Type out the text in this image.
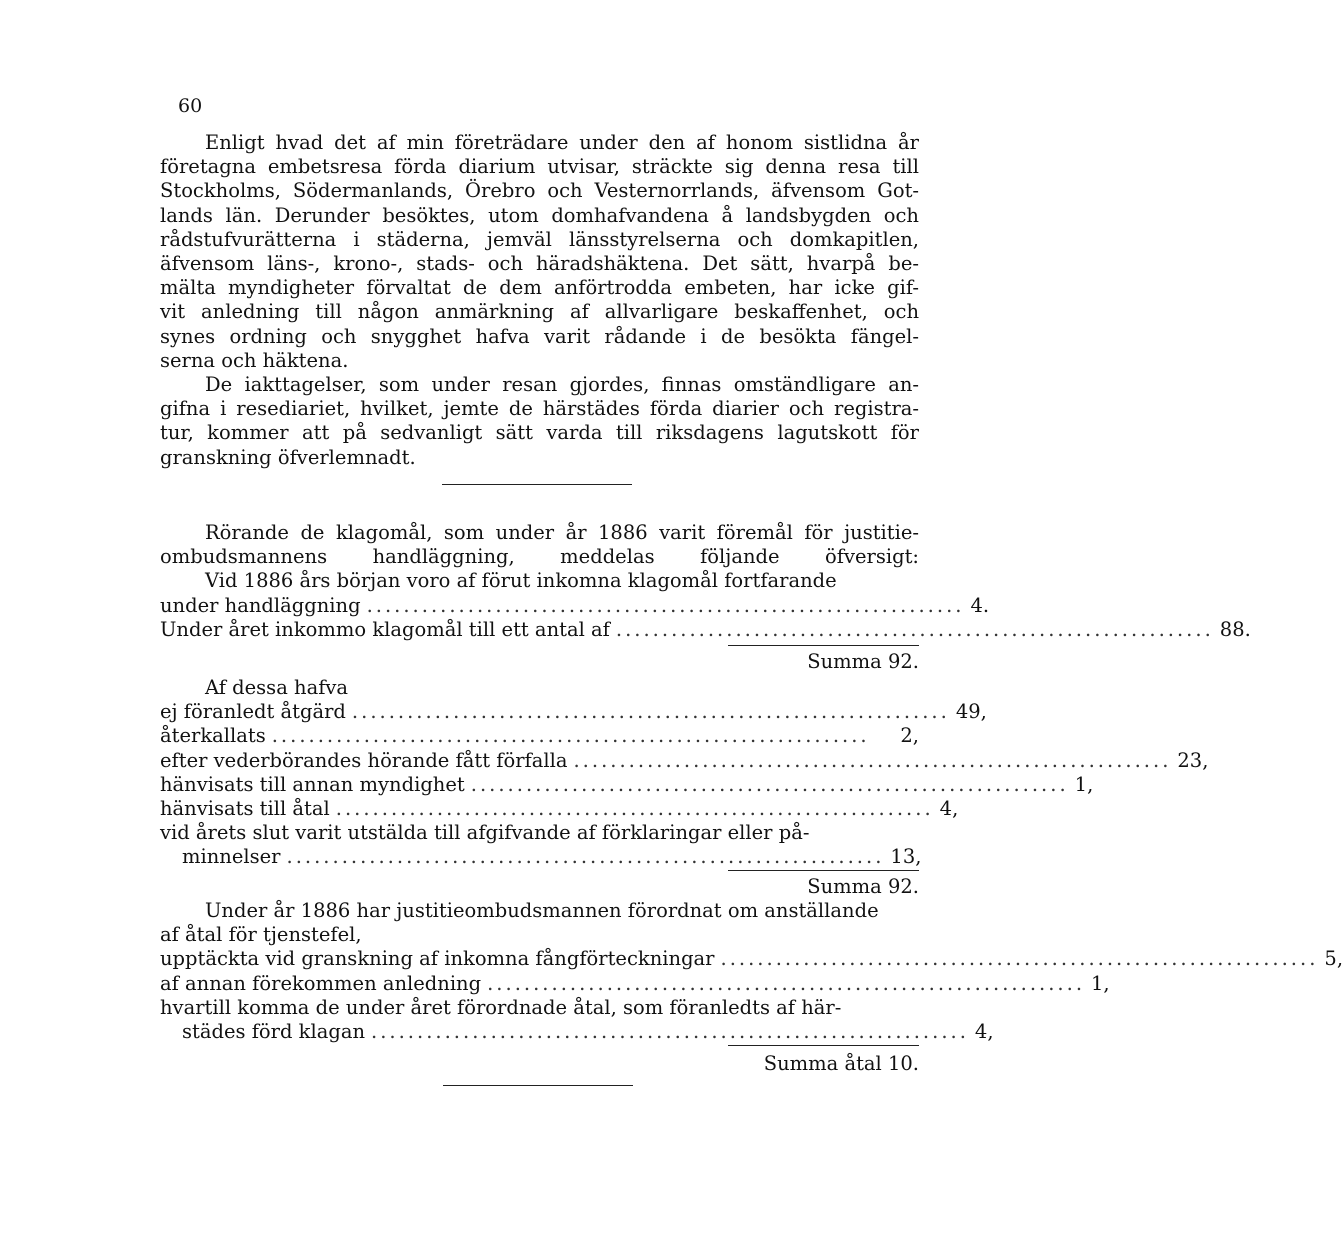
60
Enligt hvad det af min företrädare under den af honom sistlidna år
företagna embetsresa förda diarium utvisar, sträckte sig denna resa till
Stockholms, Södermanlands, Örebro och Vesternorrlands, äfvensom Got-
lands län. Derunder besöktes, utom domhafvandena å landsbygden och
rådstufvurätterna i städerna, jemväl länsstyrelserna och domkapitlen,
äfvensom läns-, krono-, stads- och häradshäktena. Det sätt, hvarpå be-
mälta myndigheter förvaltat de dem anförtrodda embeten, har icke gif-
vit anledning till någon anmärkning af allvarligare beskaffenhet, och
synes ordning och snygghet hafva varit rådande i de besökta fängel-
serna och häktena.
De iakttagelser, som under resan gjordes, finnas omständligare an-
gifna i resediariet, hvilket, jemte de härstädes förda diarier och registra-
tur, kommer att på sedvanligt sätt varda till riksdagens lagutskott för
granskning öfverlemnadt.
Rörande de klagomål, som under år 1886 varit föremål för justitie-
ombudsmannens handläggning, meddelas följande öfversigt:
Vid 1886 års början voro af förut inkomna klagomål fortfarande
under handläggning ................................................................. 4.
Under året inkommo klagomål till ett antal af ................................................................. 88.
Summa 92.
Af dessa hafva
ej föranledt åtgärd ................................................................. 49,
återkallats .................................................................	2,
efter vederbörandes hörande fått förfalla ................................................................. 23,
hänvisats till annan myndighet ................................................................. 1,
hänvisats till åtal ................................................................. 4,
vid årets slut varit utstälda till afgifvande af förklaringar eller på-
minnelser ................................................................. 13,
Summa 92.
Under år 1886 har justitieombudsmannen förordnat om anställande
af åtal för tjenstefel,
upptäckta vid granskning af inkomna fångförteckningar ................................................................. 5,
af annan förekommen anledning ................................................................. 1,
hvartill komma de under året förordnade åtal, som föranledts af här-
städes förd klagan ................................................................. 4,
Summa åtal 10.
